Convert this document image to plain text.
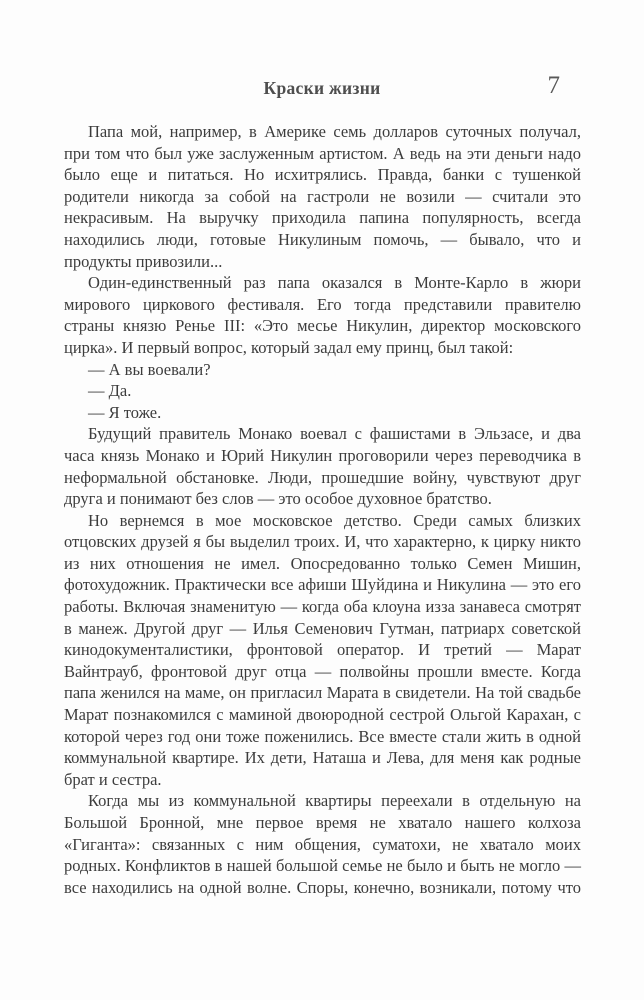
Краски жизни	7

Папа мой, например, в Америке семь долларов суточных получал, при том что был уже заслуженным артистом. А ведь на эти деньги надо было еще и питаться. Но исхитрялись. Правда, банки с тушенкой родители никогда за собой на гастроли не возили — считали это некрасивым. На выручку приходила папина популярность, всегда находились люди, готовые Никулиным помочь, — бывало, что и продукты привозили...

Один-единственный раз папа оказался в Монте-Карло в жюри мирового циркового фестиваля. Его тогда представили правителю страны князю Ренье III: «Это месье Никулин, директор московского цирка». И первый вопрос, который задал ему принц, был такой:

— А вы воевали?

— Да.

— Я тоже.

Будущий правитель Монако воевал с фашистами в Эльзасе, и два часа князь Монако и Юрий Никулин проговорили через переводчика в неформальной обстановке. Люди, прошедшие войну, чувствуют друг друга и понимают без слов — это особое духовное братство.

Но вернемся в мое московское детство. Среди самых близких отцовских друзей я бы выделил троих. И, что характерно, к цирку никто из них отношения не имел. Опосредованно только Семен Мишин, фотохудожник. Практически все афиши Шуйдина и Никулина — это его работы. Включая знаменитую — когда оба клоуна изза занавеса смотрят в манеж. Другой друг — Илья Семенович Гутман, патриарх советской кинодокументалистики, фронтовой оператор. И третий — Марат Вайнтрауб, фронтовой друг отца — полвойны прошли вместе. Когда папа женился на маме, он пригласил Марата в свидетели. На той свадьбе Марат познакомился с маминой двоюродной сестрой Ольгой Карахан, с которой через год они тоже поженились. Все вместе стали жить в одной коммунальной квартире. Их дети, Наташа и Лева, для меня как родные брат и сестра.

Когда мы из коммунальной квартиры переехали в отдельную на Большой Бронной, мне первое время не хватало нашего колхоза «Гиганта»: связанных с ним общения, суматохи, не хватало моих родных. Конфликтов в нашей большой семье не было и быть не могло — все находились на одной волне. Споры, конечно, возникали, потому что
